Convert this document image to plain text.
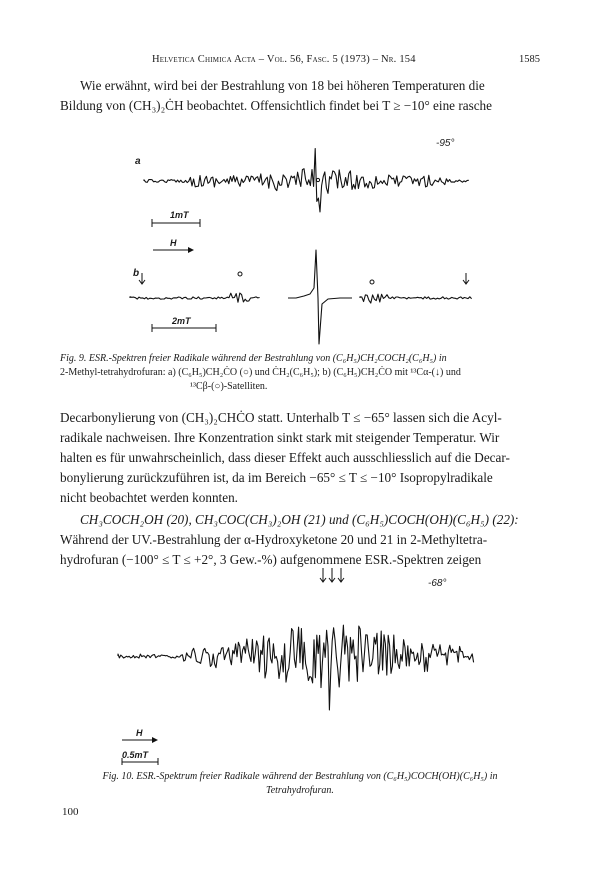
Helvetica Chimica Acta – Vol. 56, Fasc. 5 (1973) – Nr. 154	1585

Wie erwähnt, wird bei der Bestrahlung von 18 bei höheren Temperaturen die

Bildung von (CH₃)₂ĊH beobachtet. Offensichtlich findet bei T ≥ −10° eine rasche

a
-95°
1mT
H
b
2mT
Fig. 9. ESR.-Spektren freier Radikale während der Bestrahlung von (C₆H₅)CH₂COCH₂(C₆H₅) in
2-Methyl-tetrahydrofuran: a) (C₆H₅)CH₂ĊO (○) und ĊH₂(C₆H₅); b) (C₆H₅)CH₂ĊO mit ¹³Cα-(↓) und
¹³Cβ-(○)-Satelliten.

Decarbonylierung von (CH₃)₂CHĊO statt. Unterhalb T ≤ −65° lassen sich die Acyl-

radikale nachweisen. Ihre Konzentration sinkt stark mit steigender Temperatur. Wir

halten es für unwahrscheinlich, dass dieser Effekt auch ausschliesslich auf die Decar-

bonylierung zurückzuführen ist, da im Bereich −65° ≤ T ≤ −10° Isopropylradikale

nicht beobachtet werden konnten.

CH₃COCH₂OH (20), CH₃COC(CH₃)₂OH (21) und (C₆H₅)COCH(OH)(C₆H₅) (22):

Während der UV.-Bestrahlung der α-Hydroxyketone 20 und 21 in 2-Methyltetra-

hydrofuran (−100° ≤ T ≤ +2°, 3 Gew.-%) aufgenommene ESR.-Spektren zeigen

-68°
H
0.5mT
Fig. 10. ESR.-Spektrum freier Radikale während der Bestrahlung von (C₆H₅)COCH(OH)(C₆H₅) in
Tetrahydrofuran.
100
